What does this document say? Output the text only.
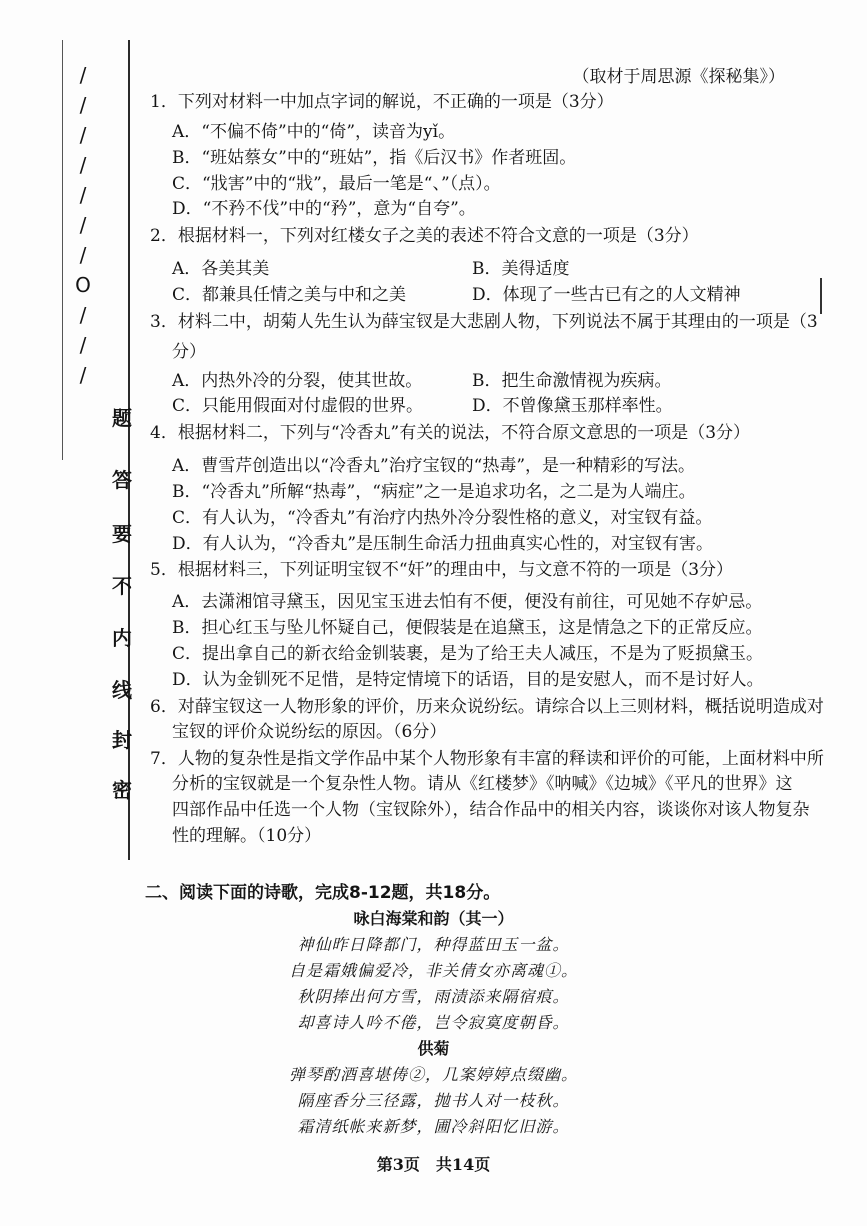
/
/
/
/
/
/
/
O
/
/
/
题
答
要
不
内
线
封
密
（取材于周思源《探秘集》）
1．下列对材料一中加点字词的解说，不正确的一项是（3分）
A．“不偏不倚”中的“倚”，读音为yǐ。
B．“班姑蔡女”中的“班姑”，指《后汉书》作者班固。
C．“戕害”中的“戕”，最后一笔是“、”（点）。
D．“不矜不伐”中的“矜”，意为“自夸”。
2．根据材料一，下列对红楼女子之美的表述不符合文意的一项是（3分）
A．各美其美	B．美得适度
C．都兼具任情之美与中和之美	D．体现了一些古已有之的人文精神
3．材料二中，胡菊人先生认为薛宝钗是大悲剧人物，下列说法不属于其理由的一项是（3
分）
A．内热外冷的分裂，使其世故。	B．把生命激情视为疾病。
C．只能用假面对付虚假的世界。	D．不曾像黛玉那样率性。
4．根据材料二，下列与“冷香丸”有关的说法，不符合原文意思的一项是（3分）
A．曹雪芹创造出以“冷香丸”治疗宝钗的“热毒”，是一种精彩的写法。
B．“冷香丸”所解“热毒”，“病症”之一是追求功名，之二是为人端庄。
C．有人认为，“冷香丸”有治疗内热外冷分裂性格的意义，对宝钗有益。
D．有人认为，“冷香丸”是压制生命活力扭曲真实心性的，对宝钗有害。
5．根据材料三，下列证明宝钗不“奸”的理由中，与文意不符的一项是（3分）
A．去潇湘馆寻黛玉，因见宝玉进去怕有不便，便没有前往，可见她不存妒忌。
B．担心红玉与坠儿怀疑自己，便假装是在追黛玉，这是情急之下的正常反应。
C．提出拿自己的新衣给金钏装裹，是为了给王夫人减压，不是为了贬损黛玉。
D．认为金钏死不足惜，是特定情境下的话语，目的是安慰人，而不是讨好人。
6．对薛宝钗这一人物形象的评价，历来众说纷纭。请综合以上三则材料，概括说明造成对
宝钗的评价众说纷纭的原因。（6分）
7．人物的复杂性是指文学作品中某个人物形象有丰富的释读和评价的可能，上面材料中所
分析的宝钗就是一个复杂性人物。请从《红楼梦》《呐喊》《边城》《平凡的世界》这
四部作品中任选一个人物（宝钗除外），结合作品中的相关内容，谈谈你对该人物复杂
性的理解。（10分）
二、阅读下面的诗歌，完成8-12题，共18分。
咏白海棠和韵（其一）
神仙昨日降都门，种得蓝田玉一盆。
自是霜娥偏爱冷，非关倩女亦离魂①。
秋阴捧出何方雪，雨渍添来隔宿痕。
却喜诗人吟不倦，岂令寂寞度朝昏。
供菊
弹琴酌酒喜堪俦②，几案婷婷点缀幽。
隔座香分三径露，抛书人对一枝秋。
霜清纸帐来新梦，圃冷斜阳忆旧游。
第3页　共14页
